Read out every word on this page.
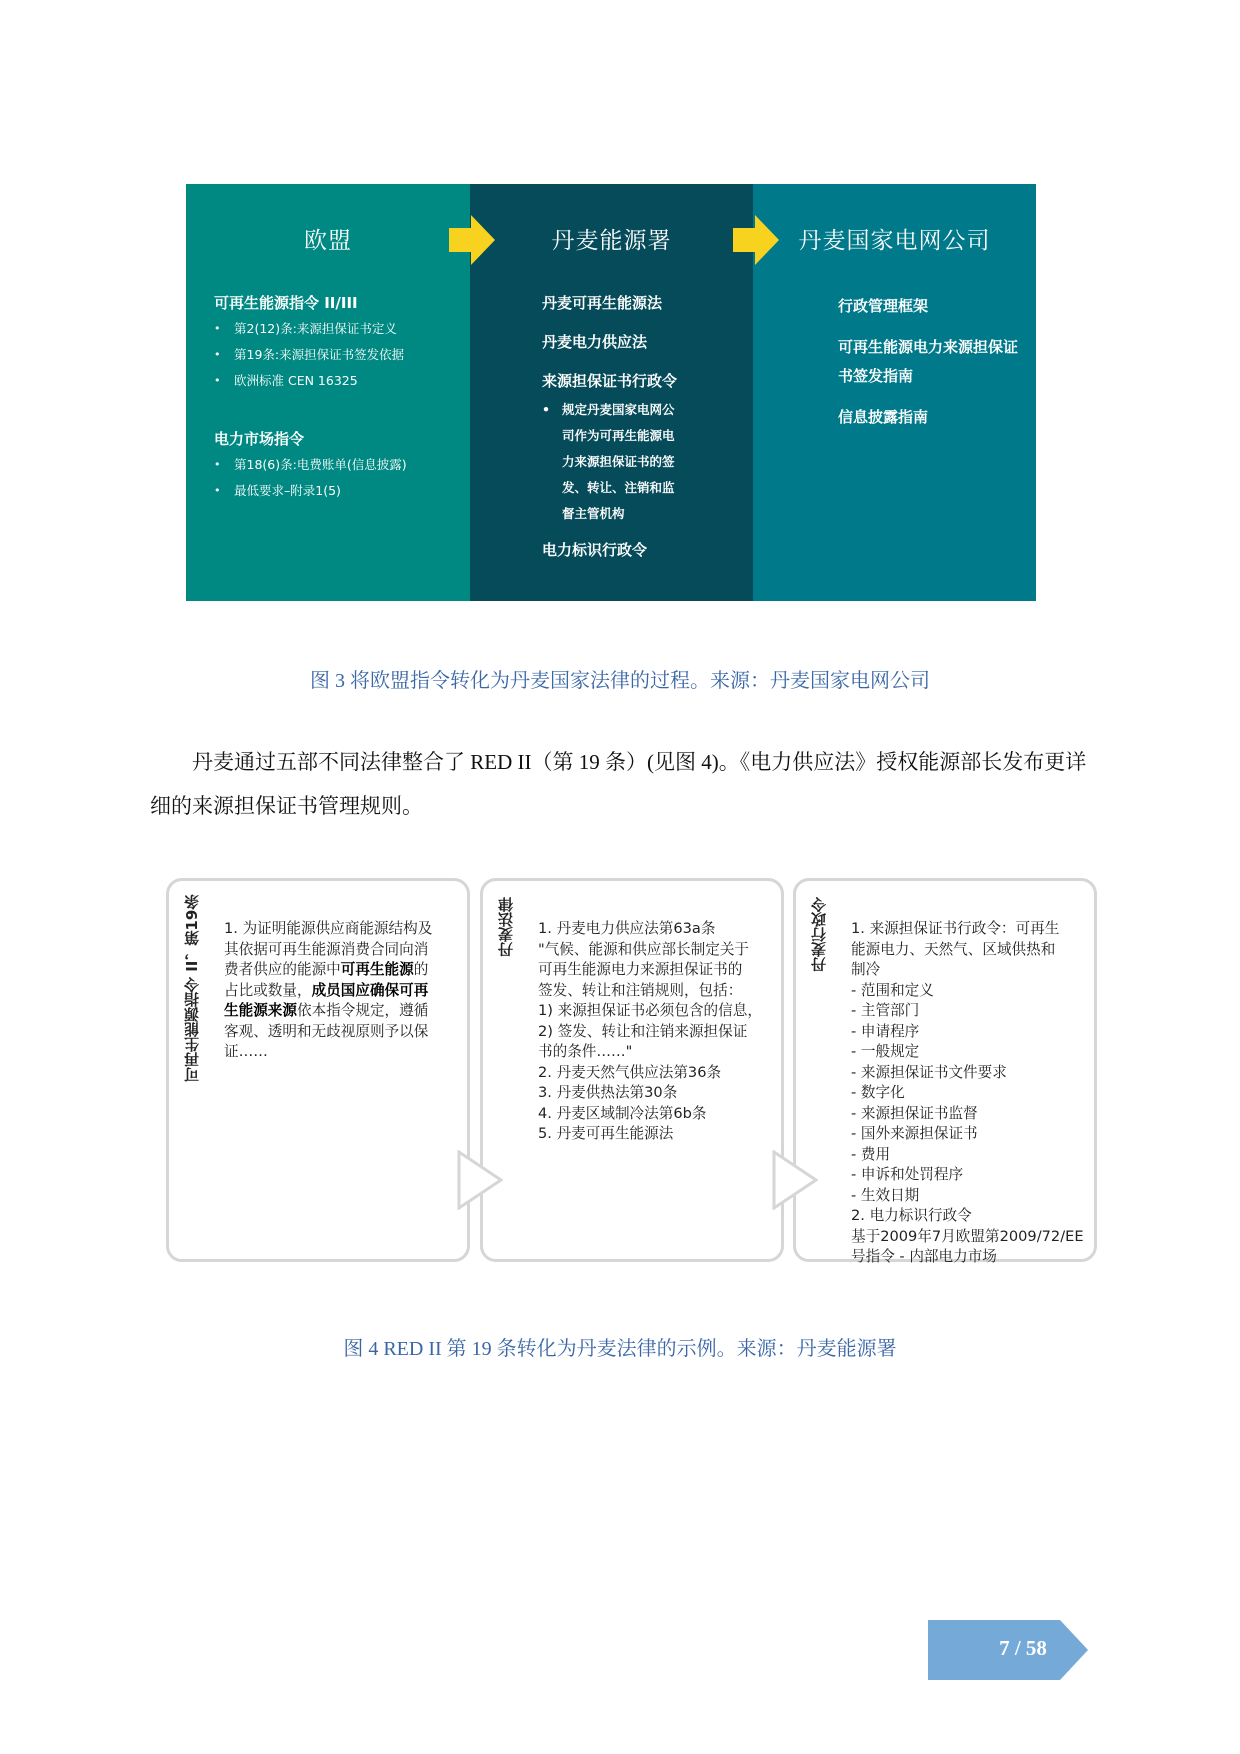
欧盟
可再生能源指令 II/III
• 第2(12)条:来源担保证书定义
• 第19条:来源担保证书签发依据
• 欧洲标准 CEN 16325
电力市场指令
• 第18(6)条:电费账单(信息披露)
• 最低要求–附录1(5)
丹麦能源署
丹麦可再生能源法
丹麦电力供应法
来源担保证书行政令
• 规定丹麦国家电网公
司作为可再生能源电
力来源担保证书的签
发、转让、注销和监
督主管机构
电力标识行政令
丹麦国家电网公司
行政管理框架
可再生能源电力来源担保证书签发指南
信息披露指南
图 3 将欧盟指令转化为丹麦国家法律的过程。来源：丹麦国家电网公司
丹麦通过五部不同法律整合了 RED II（第 19 条）(见图 4)。《电力供应法》授权能源部长发布更详细的来源担保证书管理规则。
可再生能源指令 II，第19条 1. 为证明能源供应商能源结构及
其依据可再生能源消费合同向消
费者供应的能源中可再生能源的
占比或数量，成员国应确保可再
生能源来源依本指令规定，遵循
客观、透明和无歧视原则予以保
证……
丹麦法律 1. 丹麦电力供应法第63a条
"气候、能源和供应部长制定关于
可再生能源电力来源担保证书的
签发、转让和注销规则，包括：
1) 来源担保证书必须包含的信息，
2) 签发、转让和注销来源担保证
书的条件……"
2. 丹麦天然气供应法第36条
3. 丹麦供热法第30条
4. 丹麦区域制冷法第6b条
5. 丹麦可再生能源法
丹麦行政令 1. 来源担保证书行政令：可再生
能源电力、天然气、区域供热和
制冷
- 范围和定义
- 主管部门
- 申请程序
- 一般规定
- 来源担保证书文件要求
- 数字化
- 来源担保证书监督
- 国外来源担保证书
- 费用
- 申诉和处罚程序
- 生效日期
2. 电力标识行政令
基于2009年7月欧盟第2009/72/EE
号指令 - 内部电力市场
图 4 RED II 第 19 条转化为丹麦法律的示例。来源：丹麦能源署
7 / 58
